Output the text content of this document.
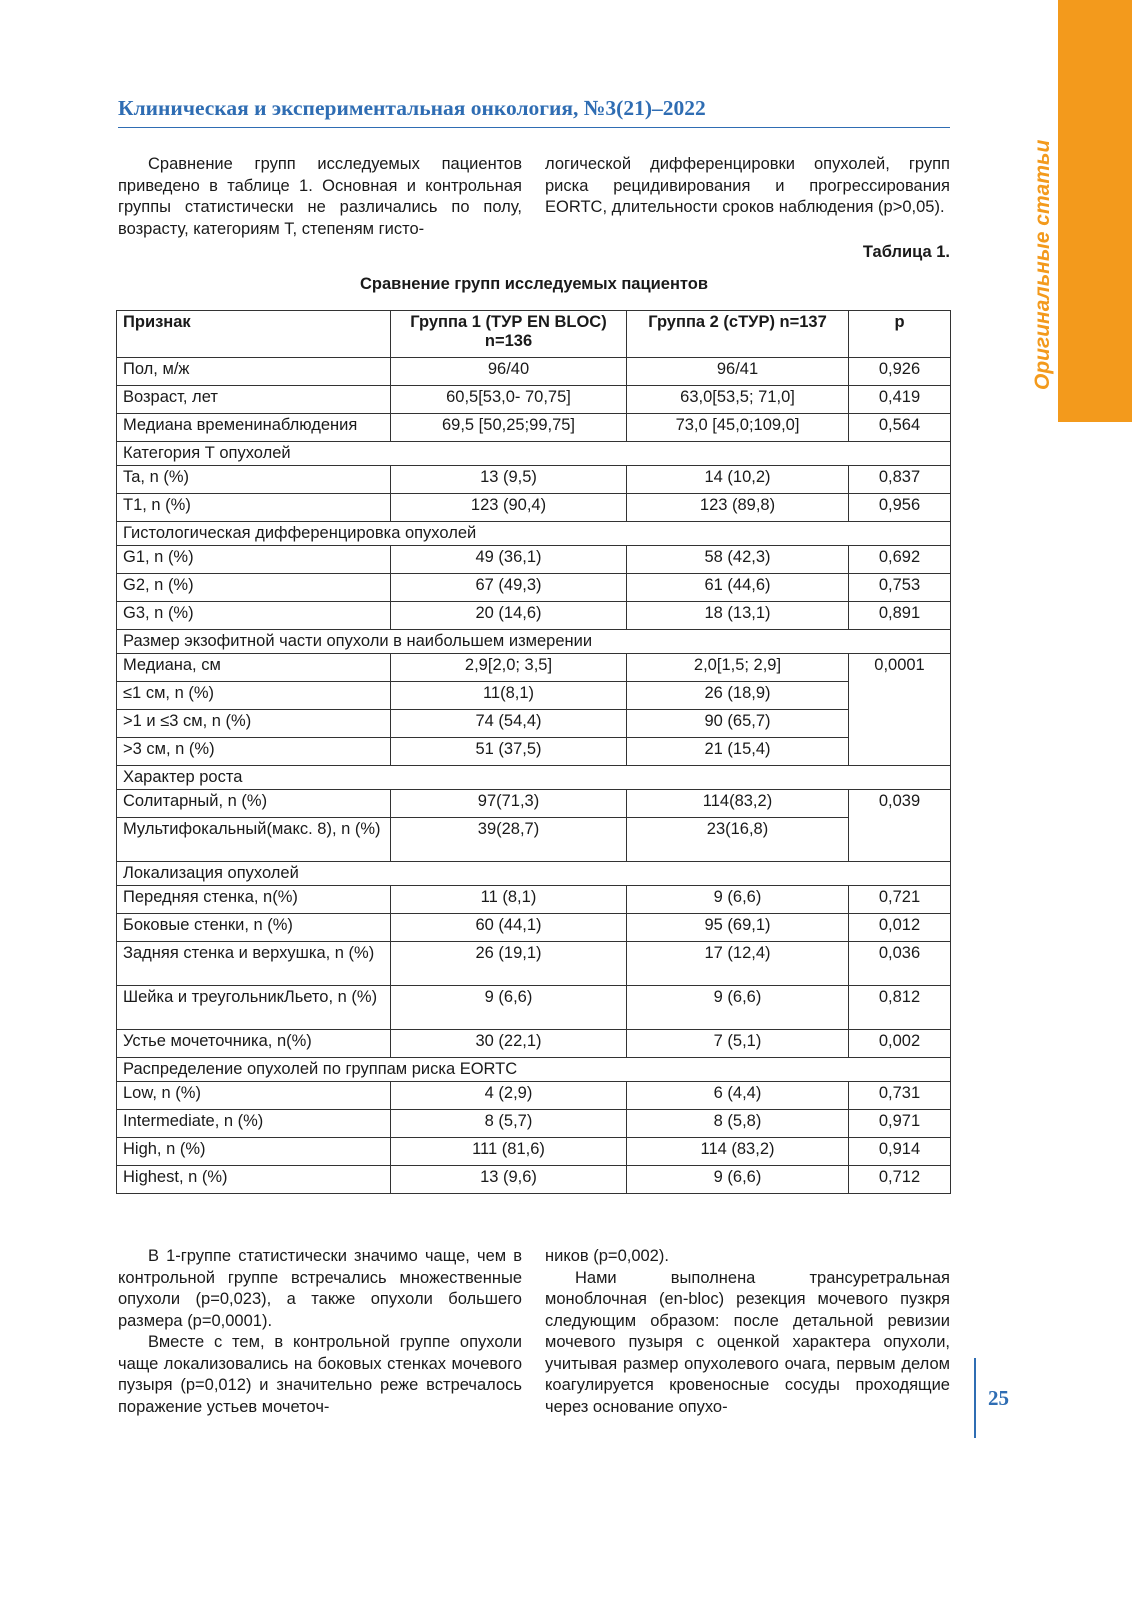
Оригинальные статьи
Клиническая и экспериментальная онкология, №3(21)–2022

Сравнение групп исследуемых пациентов приведено в таблице 1. Основная и контрольная группы статистически не различались по полу, возрасту, категориям T, степеням гисто-

логической дифференцировки опухолей, групп риска рецидивирования и прогрессирования EORTC, длительности сроков наблюдения (p>0,05).

Таблица 1.
Сравнение групп исследуемых пациентов
Признак	Группа 1 (ТУР EN BLOC) n=136	Группа 2 (сТУР) n=137	p
Пол, м/ж	96/40	96/41	0,926
Возраст, лет	60,5[53,0- 70,75]	63,0[53,5; 71,0]	0,419
Медиана временинаблюдения	69,5 [50,25;99,75]	73,0 [45,0;109,0]	0,564
Категория Т опухолей			
Ta, n (%)	13 (9,5)	14 (10,2)	0,837
T1, n (%)	123 (90,4)	123 (89,8)	0,956
Гистологическая дифференцировка опухолей			
G1, n (%)	49 (36,1)	58 (42,3)	0,692
G2, n (%)	67 (49,3)	61 (44,6)	0,753
G3, n (%)	20 (14,6)	18 (13,1)	0,891
Размер экзофитной части опухоли в наибольшем измерении			
Медиана, см	2,9[2,0; 3,5]	2,0[1,5; 2,9]	0,0001
≤1 см, n (%)	11(8,1)	26 (18,9)	
>1 и ≤3 см, n (%)	74 (54,4)	90 (65,7)	
>3 см, n (%)	51 (37,5)	21 (15,4)	
Характер роста			
Солитарный, n (%)	97(71,3)	114(83,2)	0,039
Мультифокальный(макс. 8), n (%)	39(28,7)	23(16,8)	
Локализация опухолей			
Передняя стенка, n(%)	11 (8,1)	9 (6,6)	0,721
Боковые стенки, n (%)	60 (44,1)	95 (69,1)	0,012
Задняя стенка и верхушка, n (%)	26 (19,1)	17 (12,4)	0,036
Шейка и треугольникЛьето, n (%)	9 (6,6)	9 (6,6)	0,812
Устье мочеточника, n(%)	30 (22,1)	7 (5,1)	0,002
Распределение опухолей по группам риска EORTC			
Low, n (%)	4 (2,9)	6 (4,4)	0,731
Intermediate, n (%)	8 (5,7)	8 (5,8)	0,971
High, n (%)	111 (81,6)	114 (83,2)	0,914
Highest, n (%)	13 (9,6)	9 (6,6)	0,712

В 1-группе статистически значимо чаще, чем в контрольной группе встречались множественные опухоли (p=0,023), а также опухоли большего размера (p=0,0001).

Вместе с тем, в контрольной группе опухоли чаще локализовались на боковых стенках мочевого пузыря (p=0,012) и значительно реже встречалось поражение устьев мочеточ-

ников (p=0,002).

Нами выполнена трансуретральная моноблочная (en-bloc) резекция мочевого пузкря следующим образом: после детальной ревизии мочевого пузыря с оценкой характера опухоли, учитывая размер опухолевого очага, первым делом коагулируется кровеносные сосуды проходящие через основание опухо-	25
